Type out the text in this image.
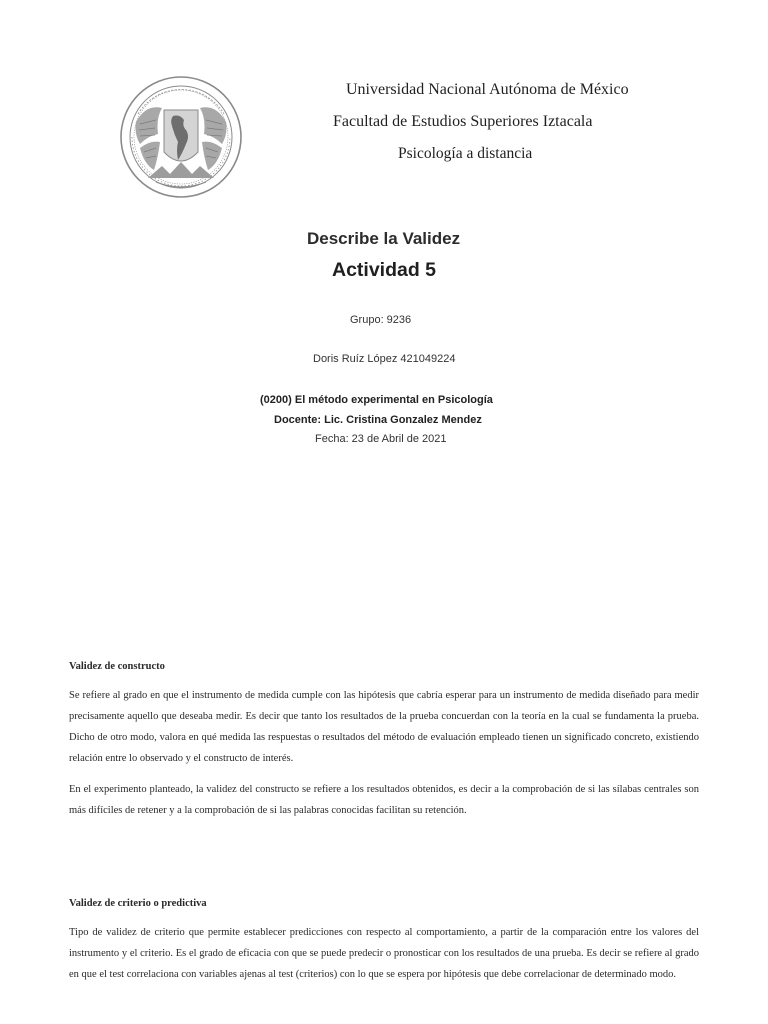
Universidad Nacional Autónoma de México
Facultad de Estudios Superiores Iztacala
Psicología a distancia
Describe la Validez
Actividad 5
Grupo: 9236
Doris Ruíz López 421049224
(0200) El método experimental en Psicología
Docente: Lic. Cristina Gonzalez Mendez
Fecha: 23 de Abril de 2021

Validez de constructo

Se refiere al grado en que el instrumento de medida cumple con las hipótesis que cabría esperar para un instrumento de medida diseñado para medir precisamente aquello que deseaba medir. Es decir que tanto los resultados de la prueba concuerdan con la teoría en la cual se fundamenta la prueba. Dicho de otro modo, valora en qué medida las respuestas o resultados del método de evaluación empleado tienen un significado concreto, existiendo relación entre lo observado y el constructo de interés.

En el experimento planteado, la validez del constructo se refiere a los resultados obtenidos, es decir a la comprobación de si las sílabas centrales son más difíciles de retener y a la comprobación de si las palabras conocidas facilitan su retención.

Validez de criterio o predictiva

Tipo de validez de criterio que permite establecer predicciones con respecto al comportamiento, a partir de la comparación entre los valores del instrumento y el criterio. Es el grado de eficacia con que se puede predecir o pronosticar con los resultados de una prueba. Es decir se refiere al grado en que el test correlaciona con variables ajenas al test (criterios) con lo que se espera por hipótesis que debe correlacionar de determinado modo.
